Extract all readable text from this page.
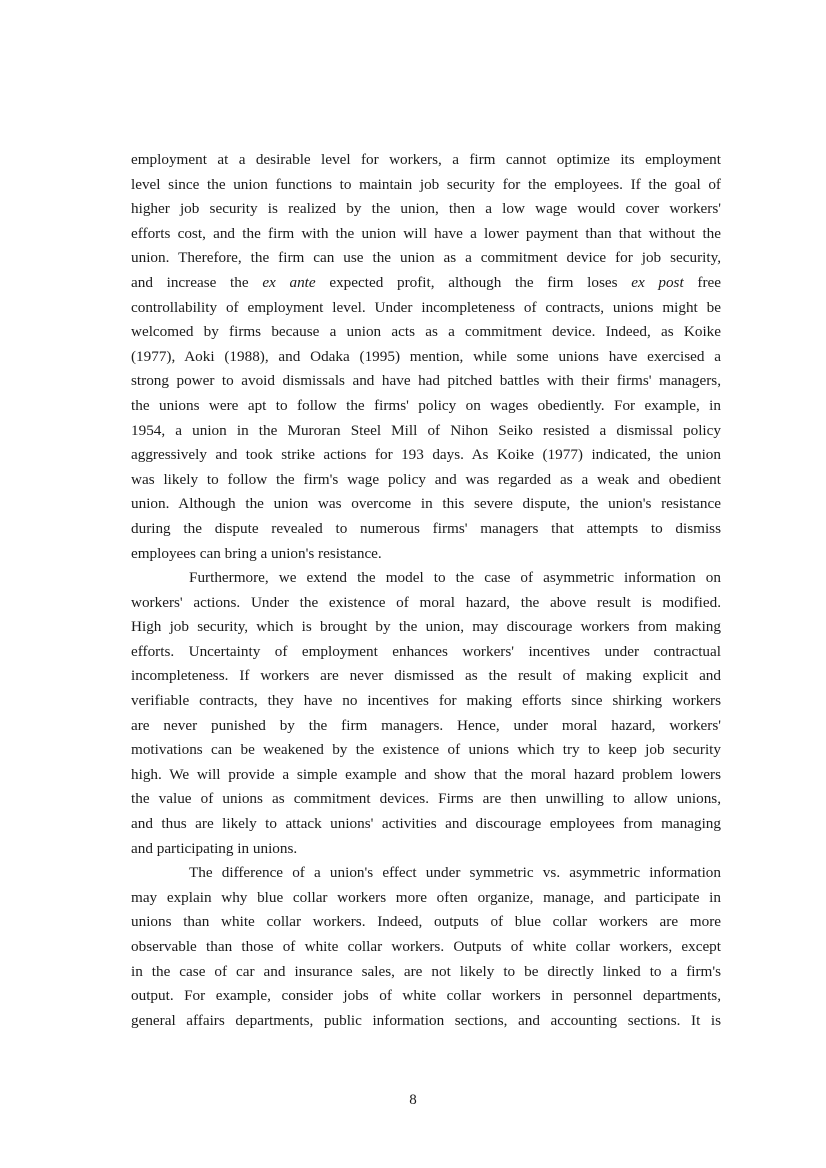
employment at a desirable level for workers, a firm cannot optimize its employment
level since the union functions to maintain job security for the employees. If the goal of
higher job security is realized by the union, then a low wage would cover workers'
efforts cost, and the firm with the union will have a lower payment than that without the
union. Therefore, the firm can use the union as a commitment device for job security,
and increase the ex ante expected profit, although the firm loses ex post free
controllability of employment level. Under incompleteness of contracts, unions might be
welcomed by firms because a union acts as a commitment device. Indeed, as Koike
(1977), Aoki (1988), and Odaka (1995) mention, while some unions have exercised a
strong power to avoid dismissals and have had pitched battles with their firms' managers,
the unions were apt to follow the firms' policy on wages obediently. For example, in
1954, a union in the Muroran Steel Mill of Nihon Seiko resisted a dismissal policy
aggressively and took strike actions for 193 days. As Koike (1977) indicated, the union
was likely to follow the firm's wage policy and was regarded as a weak and obedient
union. Although the union was overcome in this severe dispute, the union's resistance
during the dispute revealed to numerous firms' managers that attempts to dismiss
employees can bring a union's resistance.
Furthermore, we extend the model to the case of asymmetric information on
workers' actions. Under the existence of moral hazard, the above result is modified.
High job security, which is brought by the union, may discourage workers from making
efforts. Uncertainty of employment enhances workers' incentives under contractual
incompleteness. If workers are never dismissed as the result of making explicit and
verifiable contracts, they have no incentives for making efforts since shirking workers
are never punished by the firm managers. Hence, under moral hazard, workers'
motivations can be weakened by the existence of unions which try to keep job security
high. We will provide a simple example and show that the moral hazard problem lowers
the value of unions as commitment devices. Firms are then unwilling to allow unions,
and thus are likely to attack unions' activities and discourage employees from managing
and participating in unions.
The difference of a union's effect under symmetric vs. asymmetric information
may explain why blue collar workers more often organize, manage, and participate in
unions than white collar workers. Indeed, outputs of blue collar workers are more
observable than those of white collar workers. Outputs of white collar workers, except
in the case of car and insurance sales, are not likely to be directly linked to a firm's
output. For example, consider jobs of white collar workers in personnel departments,
general affairs departments, public information sections, and accounting sections. It is
8
